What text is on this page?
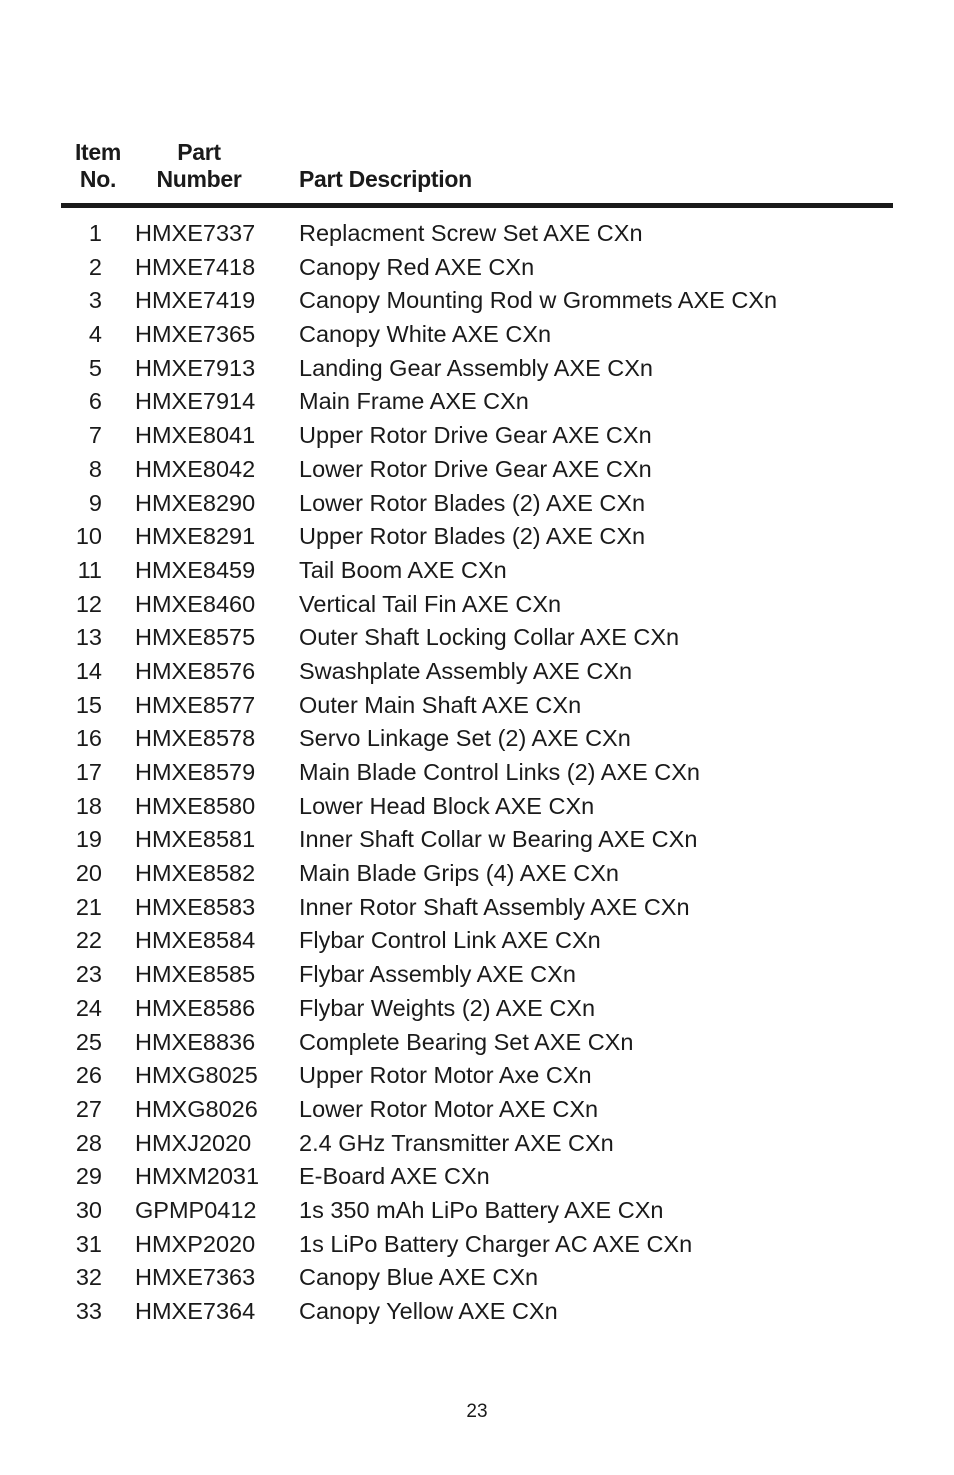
Item
No.
Part
Number Part Description
1 HMXE7337 Replacment Screw Set AXE CXn
2 HMXE7418 Canopy Red AXE CXn
3 HMXE7419 Canopy Mounting Rod w Grommets AXE CXn
4 HMXE7365 Canopy White AXE CXn
5 HMXE7913 Landing Gear Assembly AXE CXn
6 HMXE7914 Main Frame AXE CXn
7 HMXE8041 Upper Rotor Drive Gear AXE CXn
8 HMXE8042 Lower Rotor Drive Gear AXE CXn
9 HMXE8290 Lower Rotor Blades (2) AXE CXn
10 HMXE8291 Upper Rotor Blades (2) AXE CXn
11 HMXE8459 Tail Boom AXE CXn
12 HMXE8460 Vertical Tail Fin AXE CXn
13 HMXE8575 Outer Shaft Locking Collar AXE CXn
14 HMXE8576 Swashplate Assembly AXE CXn
15 HMXE8577 Outer Main Shaft AXE CXn
16 HMXE8578 Servo Linkage Set (2) AXE CXn
17 HMXE8579 Main Blade Control Links (2) AXE CXn
18 HMXE8580 Lower Head Block AXE CXn
19 HMXE8581 Inner Shaft Collar w Bearing AXE CXn
20 HMXE8582 Main Blade Grips (4) AXE CXn
21 HMXE8583 Inner Rotor Shaft Assembly AXE CXn
22 HMXE8584 Flybar Control Link AXE CXn
23 HMXE8585 Flybar Assembly AXE CXn
24 HMXE8586 Flybar Weights (2) AXE CXn
25 HMXE8836 Complete Bearing Set AXE CXn
26 HMXG8025 Upper Rotor Motor Axe CXn
27 HMXG8026 Lower Rotor Motor AXE CXn
28 HMXJ2020 2.4 GHz Transmitter AXE CXn
29 HMXM2031 E-Board AXE CXn
30 GPMP0412 1s 350 mAh LiPo Battery AXE CXn
31 HMXP2020 1s LiPo Battery Charger AC AXE CXn
32 HMXE7363 Canopy Blue AXE CXn
33 HMXE7364 Canopy Yellow AXE CXn
23
